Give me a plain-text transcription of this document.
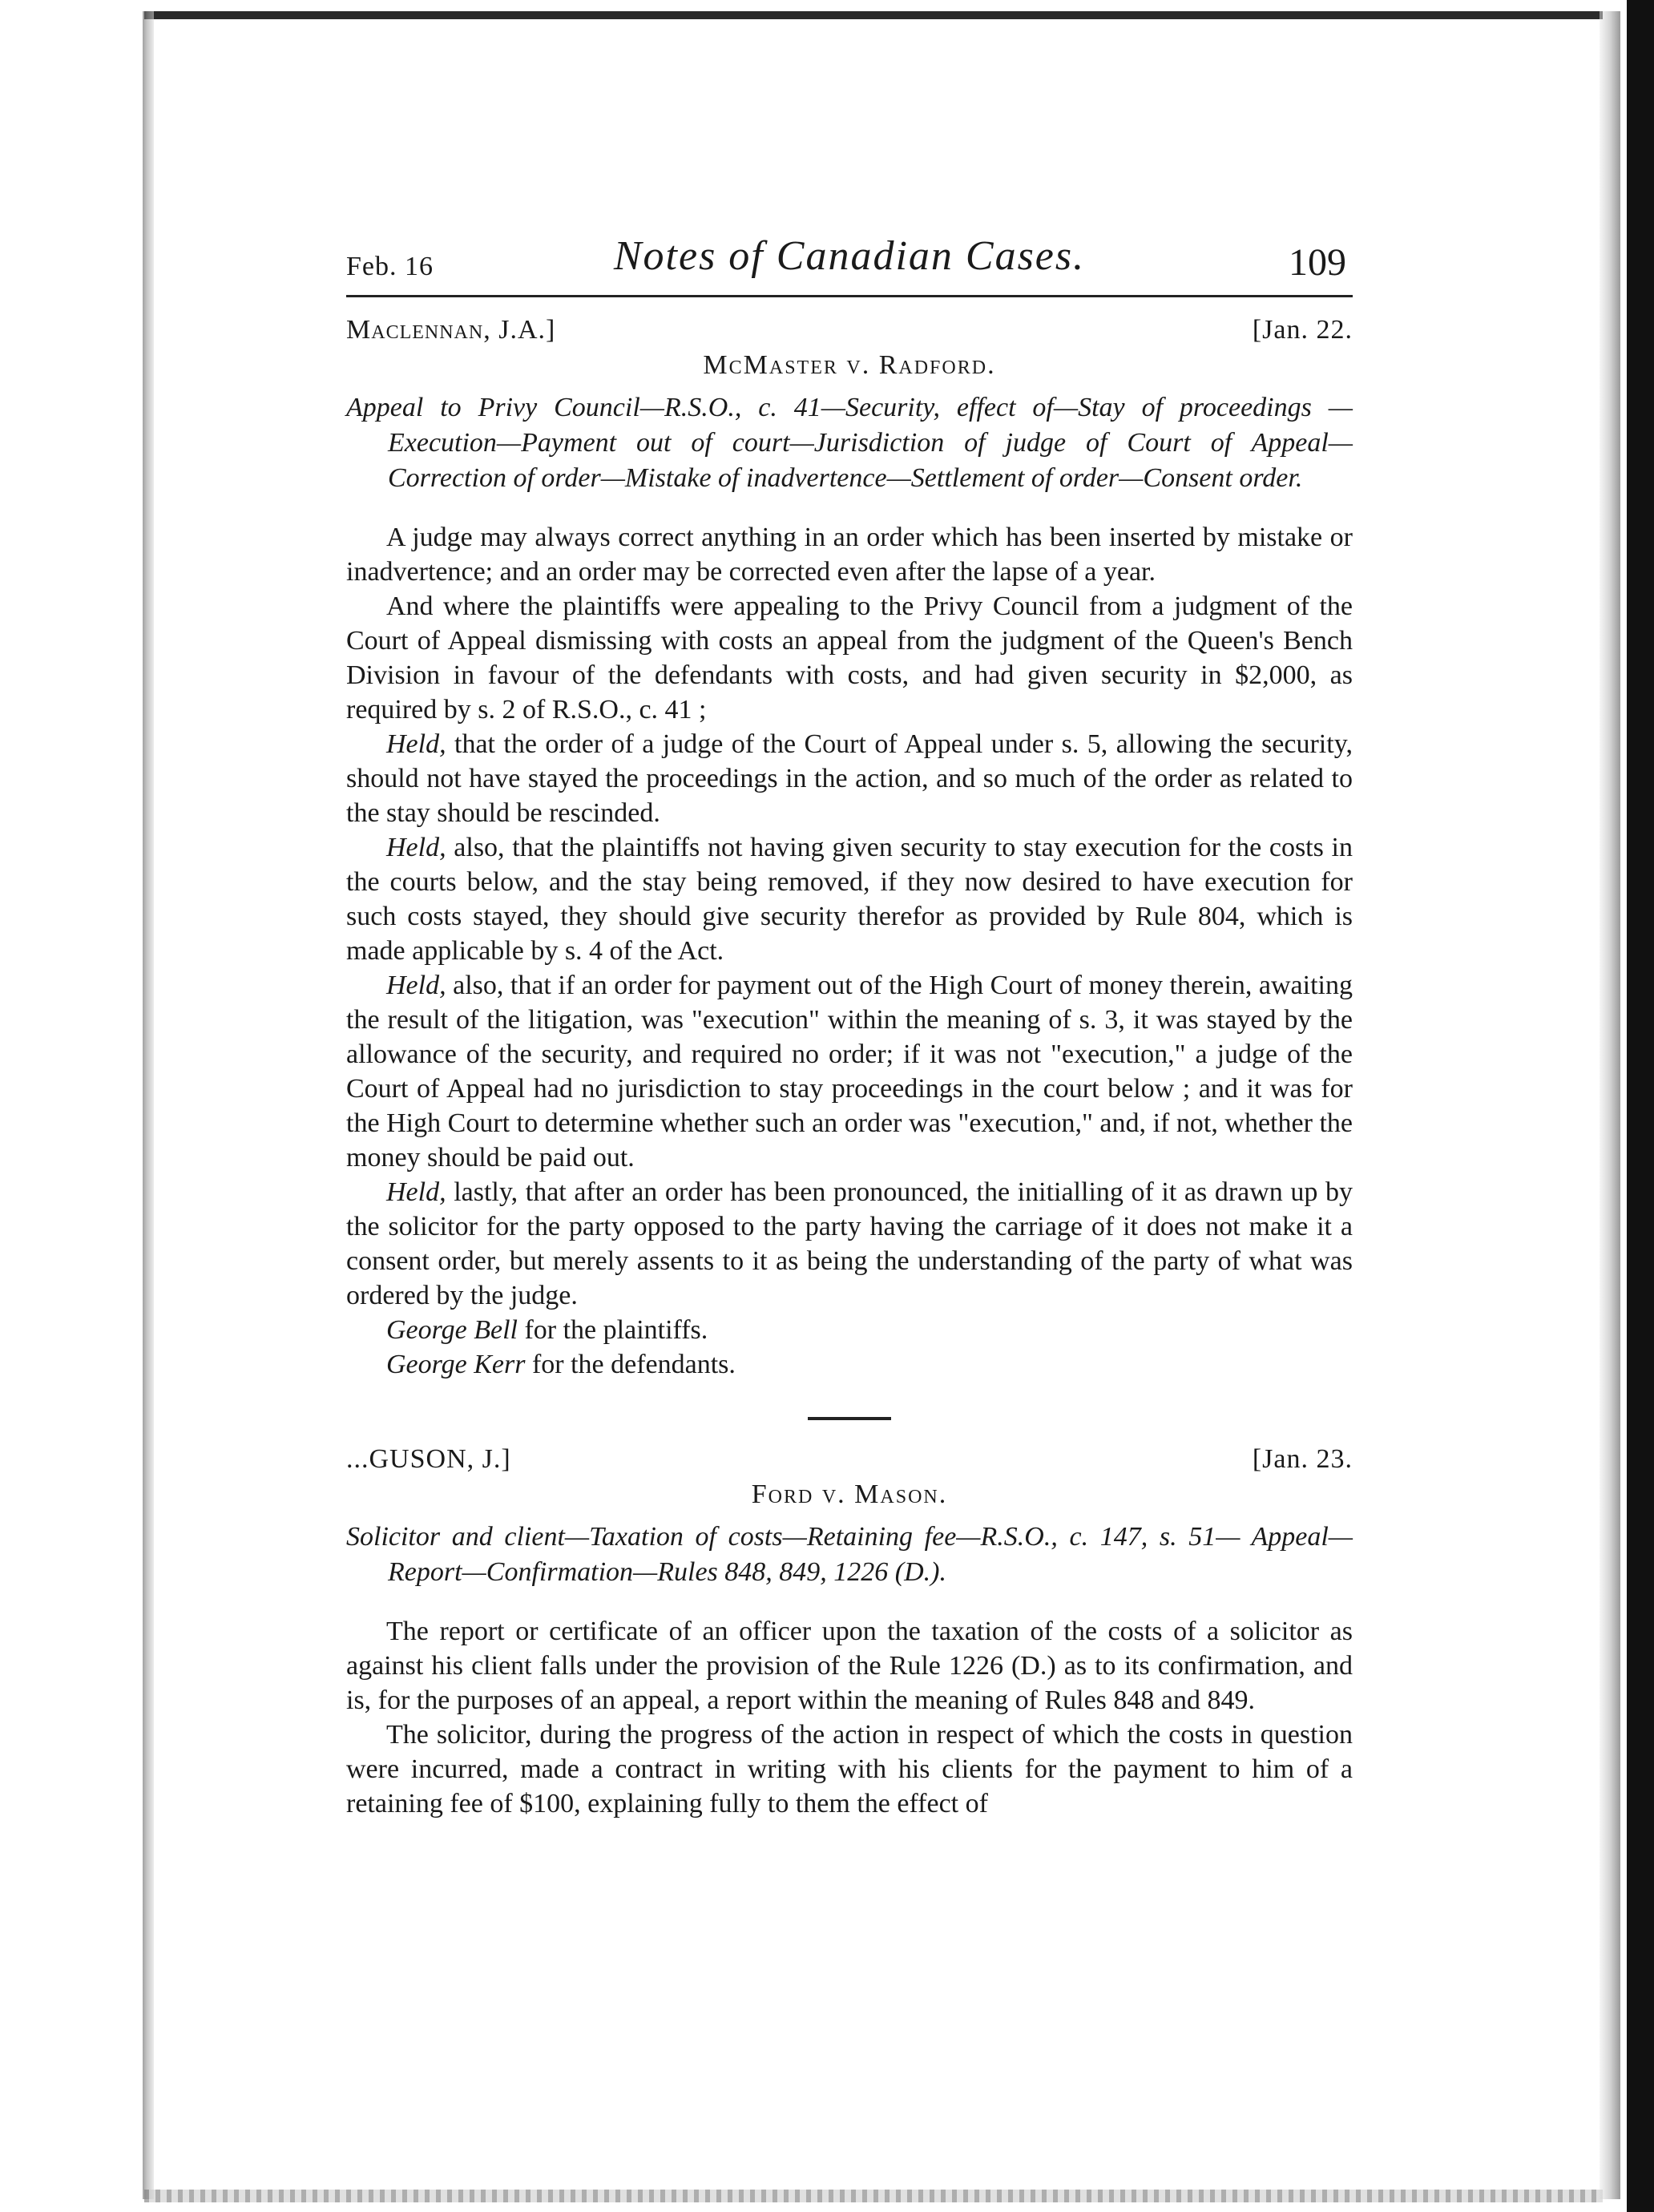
Feb. 16	Notes of Canadian Cases.	109
Maclennan, J.A.]	[Jan. 22.
McMaster v. Radford.
Appeal to Privy Council—R.S.O., c. 41—Security, effect of—Stay of proceedings —Execution—Payment out of court—Jurisdiction of judge of Court of Appeal—Correction of order—Mistake of inadvertence—Settlement of order—Consent order.

A judge may always correct anything in an order which has been inserted by mistake or inadvertence; and an order may be corrected even after the lapse of a year.

And where the plaintiffs were appealing to the Privy Council from a judgment of the Court of Appeal dismissing with costs an appeal from the judgment of the Queen's Bench Division in favour of the defendants with costs, and had given security in $2,000, as required by s. 2 of R.S.O., c. 41 ;

Held, that the order of a judge of the Court of Appeal under s. 5, allowing the security, should not have stayed the proceedings in the action, and so much of the order as related to the stay should be rescinded.

Held, also, that the plaintiffs not having given security to stay execution for the costs in the courts below, and the stay being removed, if they now desired to have execution for such costs stayed, they should give security therefor as provided by Rule 804, which is made applicable by s. 4 of the Act.

Held, also, that if an order for payment out of the High Court of money therein, awaiting the result of the litigation, was "execution" within the meaning of s. 3, it was stayed by the allowance of the security, and required no order; if it was not "execution," a judge of the Court of Appeal had no jurisdiction to stay proceedings in the court below ; and it was for the High Court to determine whether such an order was "execution," and, if not, whether the money should be paid out.

Held, lastly, that after an order has been pronounced, the initialling of it as drawn up by the solicitor for the party opposed to the party having the carriage of it does not make it a consent order, but merely assents to it as being the understanding of the party of what was ordered by the judge.

George Bell for the plaintiffs.

George Kerr for the defendants.

...GUSON, J.]	[Jan. 23.
Ford v. Mason.
Solicitor and client—Taxation of costs—Retaining fee—R.S.O., c. 147, s. 51— Appeal—Report—Confirmation—Rules 848, 849, 1226 (D.).

The report or certificate of an officer upon the taxation of the costs of a solicitor as against his client falls under the provision of the Rule 1226 (D.) as to its confirmation, and is, for the purposes of an appeal, a report within the meaning of Rules 848 and 849.

The solicitor, during the progress of the action in respect of which the costs in question were incurred, made a contract in writing with his clients for the payment to him of a retaining fee of $100, explaining fully to them the effect of
